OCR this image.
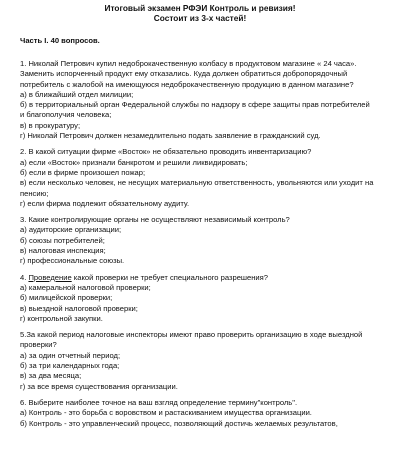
Итоговый экзамен РФЭИ Контроль и ревизия!
Состоит из 3-х частей!
Часть I. 40 вопросов.
1. Николай Петрович купил недоброкачественную колбасу в продуктовом магазине « 24 часа».
Заменить испорченный продукт ему отказались. Куда должен обратиться добропорядочный
потребитель с жалобой на имеющуюся недоброкачественную продукцию в данном магазине?
а) в ближайший отдел милиции;
б) в территориальный орган Федеральной службы по надзору в сфере защиты прав потребителей
и благополучия человека;
в) в прокуратуру;
г) Николай Петрович должен незамедлительно подать заявление в гражданский суд.
2. В какой ситуации фирме «Восток» не обязательно проводить инвентаризацию?
а) если «Восток» признали банкротом и решили ликвидировать;
б) если в фирме произошел пожар;
в) если несколько человек, не несущих материальную ответственность, увольняются или уходит на
пенсию;
г) если фирма подлежит обязательному аудиту.
3. Какие контролирующие органы не осуществляют независимый контроль?
а) аудиторские организации;
б) союзы потребителей;
в) налоговая инспекция;
г) профессиональные союзы.
4. Проведение какой проверки не требует специального разрешения?
а) камеральной налоговой проверки;
б) милицейской проверки;
в) выездной налоговой проверки;
г) контрольной закупки.
5.За какой период налоговые инспекторы имеют право проверить организацию в ходе выездной
проверки?
а) за один отчетный период;
б) за три календарных года;
в) за два месяца;
г) за все время существования организации.
6. Выберите наиболее точное на ваш взгляд определение термину"контроль".
а) Контроль - это борьба с воровством и растаскиванием имущества организации.
б) Контроль - это управленческий процесс, позволяющий достичь желаемых результатов,
